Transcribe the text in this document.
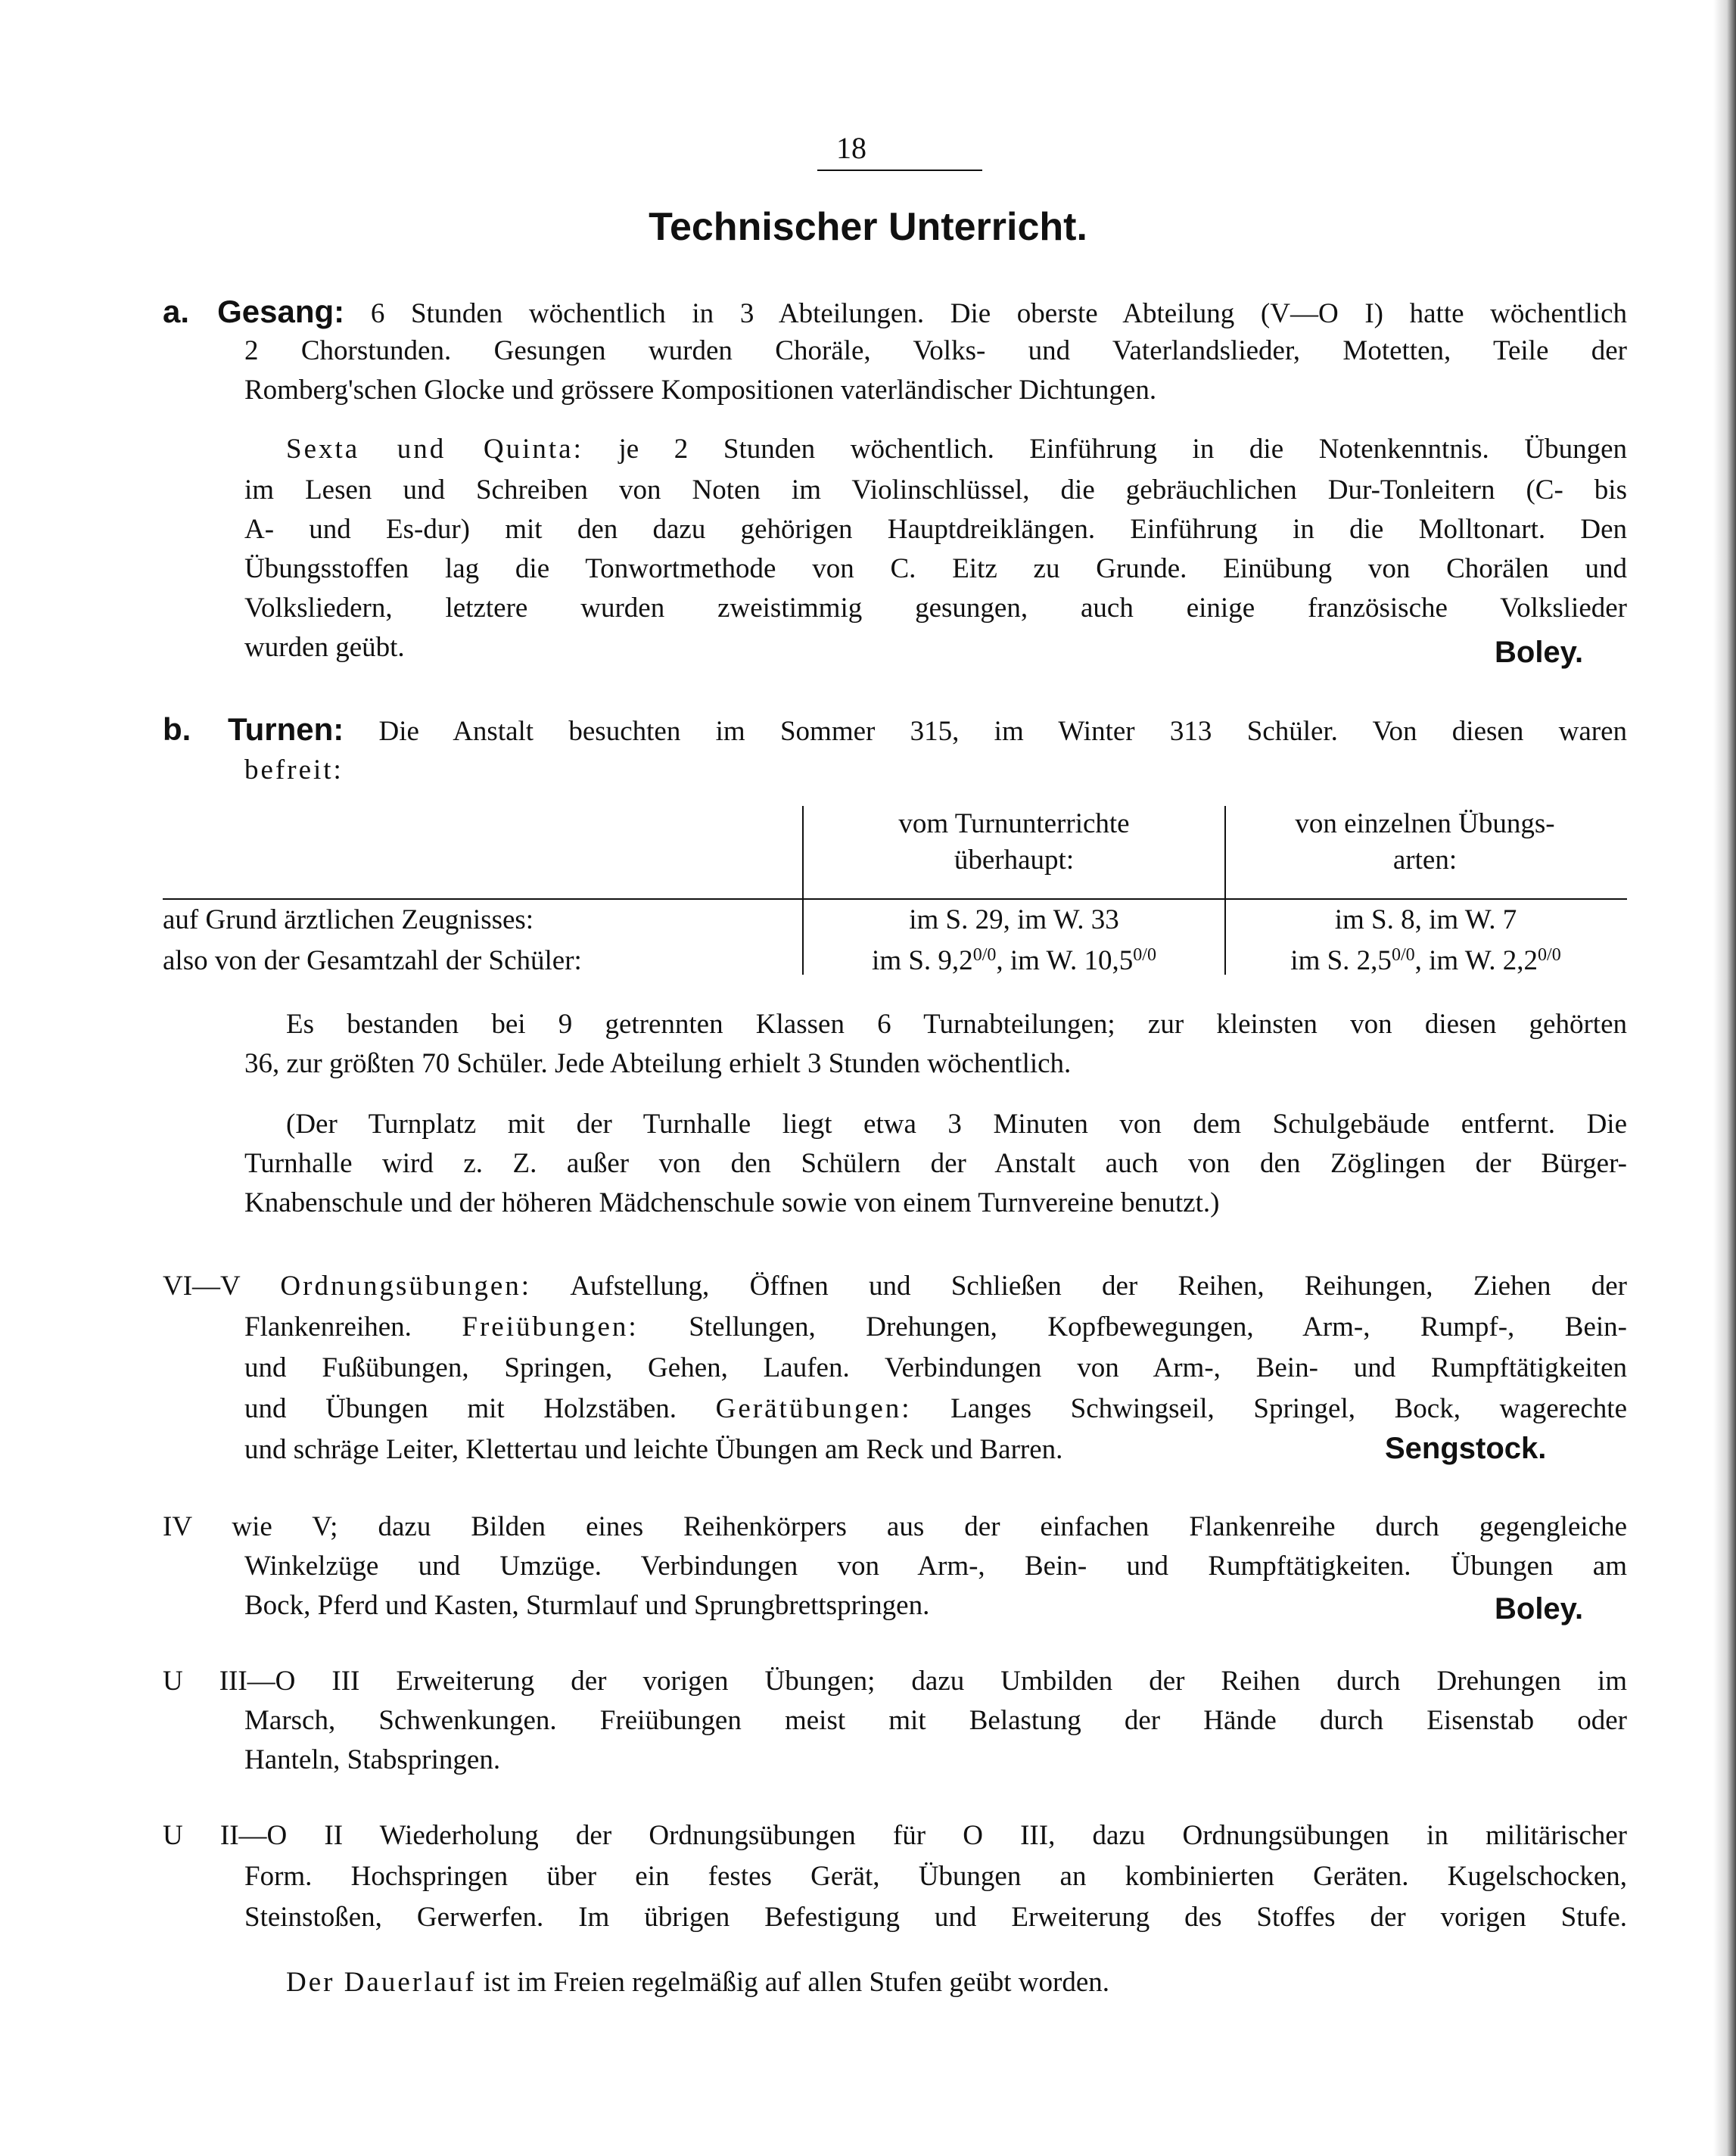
18
Technischer Unterricht.
a. Gesang: 6 Stunden wöchentlich in 3 Abteilungen. Die oberste Abteilung (V—O I) hatte wöchentlich
2 Chorstunden. Gesungen wurden Choräle, Volks- und Vaterlandslieder, Motetten, Teile der
Romberg'schen Glocke und grössere Kompositionen vaterländischer Dichtungen.
Sexta und Quinta: je 2 Stunden wöchentlich. Einführung in die Notenkenntnis. Übungen
im Lesen und Schreiben von Noten im Violinschlüssel, die gebräuchlichen Dur-Tonleitern (C- bis
A- und Es-dur) mit den dazu gehörigen Hauptdreiklängen. Einführung in die Molltonart. Den
Übungsstoffen lag die Tonwortmethode von C. Eitz zu Grunde. Einübung von Chorälen und
Volksliedern, letztere wurden zweistimmig gesungen, auch einige französische Volkslieder
wurden geübt.	Boley.
b. Turnen: Die Anstalt besuchten im Sommer 315, im Winter 313 Schüler. Von diesen waren
befreit:
vom Turnunterrichte
überhaupt:
von einzelnen Übungs-
arten:
auf Grund ärztlichen Zeugnisses:	im S. 29, im W. 33	im S. 8, im W. 7
also von der Gesamtzahl der Schüler:	im S. $9,2^{0/0}$, im W. $10,5^{0/0}$	im S. $2,5^{0/0}$, im W. $2,2^{0/0}$
Es bestanden bei 9 getrennten Klassen 6 Turnabteilungen; zur kleinsten von diesen gehörten
36, zur größten 70 Schüler. Jede Abteilung erhielt 3 Stunden wöchentlich.
(Der Turnplatz mit der Turnhalle liegt etwa 3 Minuten von dem Schulgebäude entfernt. Die
Turnhalle wird z. Z. außer von den Schülern der Anstalt auch von den Zöglingen der Bürger-
Knabenschule und der höheren Mädchenschule sowie von einem Turnvereine benutzt.)
VI—V Ordnungsübungen: Aufstellung, Öffnen und Schließen der Reihen, Reihungen, Ziehen der
Flankenreihen. Freiübungen: Stellungen, Drehungen, Kopfbewegungen, Arm-, Rumpf-, Bein-
und Fußübungen, Springen, Gehen, Laufen. Verbindungen von Arm-, Bein- und Rumpftätigkeiten
und Übungen mit Holzstäben. Gerätübungen: Langes Schwingseil, Springel, Bock, wagerechte
und schräge Leiter, Klettertau und leichte Übungen am Reck und Barren.	Sengstock.
IV wie V; dazu Bilden eines Reihenkörpers aus der einfachen Flankenreihe durch gegengleiche
Winkelzüge und Umzüge. Verbindungen von Arm-, Bein- und Rumpftätigkeiten. Übungen am
Bock, Pferd und Kasten, Sturmlauf und Sprungbrettspringen.	Boley.
U III—O III Erweiterung der vorigen Übungen; dazu Umbilden der Reihen durch Drehungen im
Marsch, Schwenkungen. Freiübungen meist mit Belastung der Hände durch Eisenstab oder
Hanteln, Stabspringen.
U II—O II Wiederholung der Ordnungsübungen für O III, dazu Ordnungsübungen in militärischer
Form. Hochspringen über ein festes Gerät, Übungen an kombinierten Geräten. Kugelschocken,
Steinstoßen, Gerwerfen. Im übrigen Befestigung und Erweiterung des Stoffes der vorigen Stufe.
Der Dauerlauf ist im Freien regelmäßig auf allen Stufen geübt worden.
